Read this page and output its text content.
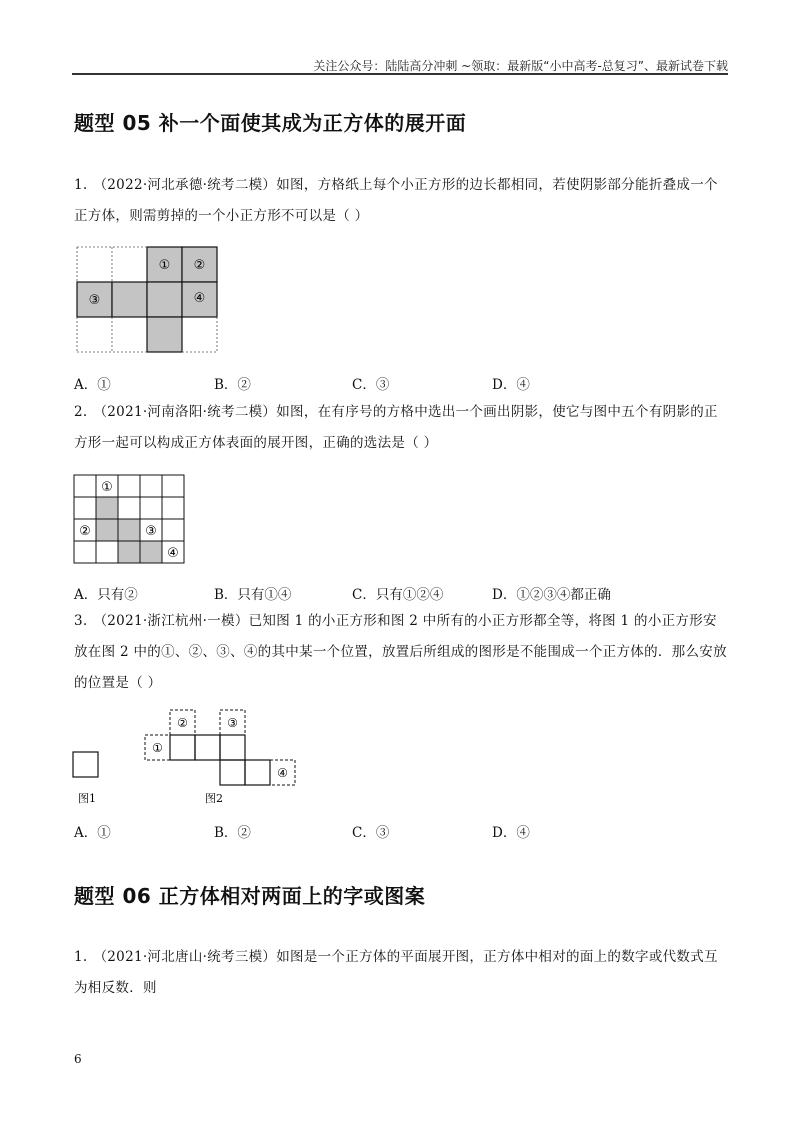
关注公众号：陆陆高分冲刺 ~领取：最新版“小中高考-总复习”、最新试卷下载
题型 05 补一个面使其成为正方体的展开面
1. （2022·河北承德·统考二模）如图，方格纸上每个小正方形的边长都相同，若使阴影部分能折叠成一个正方体，则需剪掉的一个小正方形不可以是（ ）
① ②
③	④
A．①	B．②	C．③	D．④
2. （2021·河南洛阳·统考二模）如图，在有序号的方格中选出一个画出阴影，使它与图中五个有阴影的正方形一起可以构成正方体表面的展开图，正确的选法是（ ）
①
②	③
④
A．只有②	B．只有①④	C．只有①②④	D．①②③④都正确
3. （2021·浙江杭州·一模）已知图 1 的小正方形和图 2 中所有的小正方形都全等，将图 1 的小正方形安放在图 2 中的①、②、③、④的其中某一个位置，放置后所组成的图形是不能围成一个正方体的．那么安放的位置是（ ）
图1
①
②	③
④
图2
A．①	B．②	C．③	D．④
题型 06 正方体相对两面上的字或图案
1. （2021·河北唐山·统考三模）如图是一个正方体的平面展开图，正方体中相对的面上的数字或代数式互为相反数．则
6
